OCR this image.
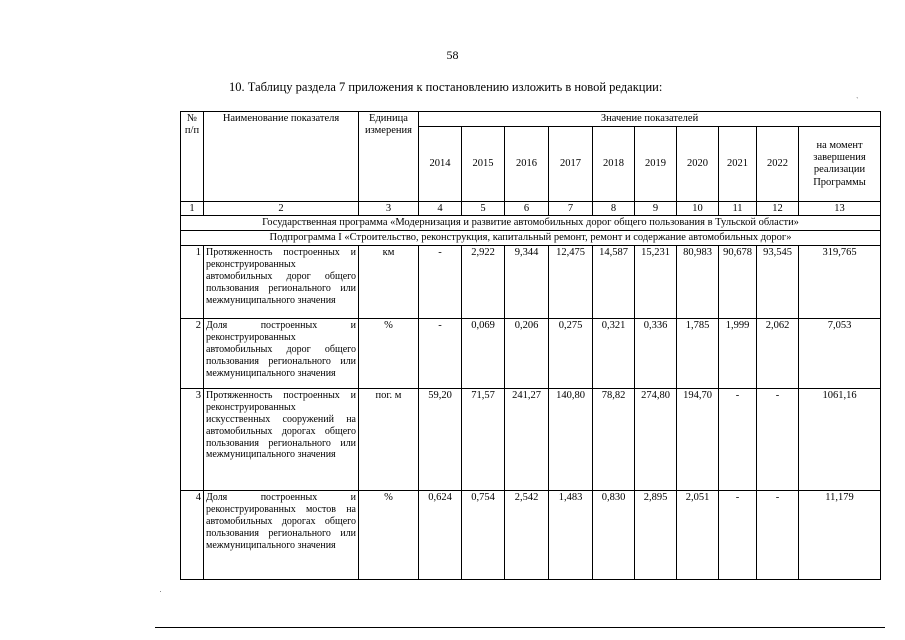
58
10. Таблицу раздела 7 приложения к постановлению изложить в новой редакции:
`
№ п/п	Наименование показателя	Единица измерения	Значение показателей									
			2014	2015	2016	2017	2018	2019	2020	2021	2022	на момент завершения реализации Программы
1	2	3	4	5	6	7	8	9	10	11	12	13
Государственная программа «Модернизация и развитие автомобильных дорог общего пользования в Тульской области»												
Подпрограмма I «Строительство, реконструкция, капитальный ремонт, ремонт и содержание автомобильных дорог»												
1	Протяженность построенных и реконструированных автомобильных дорог общего пользования регионального или межмуниципального значения	км	-	2,922	9,344	12,475	14,587	15,231	80,983	90,678	93,545	319,765
2	Доля построенных и реконструированных автомобильных дорог общего пользования регионального или межмуниципального значения	%	-	0,069	0,206	0,275	0,321	0,336	1,785	1,999	2,062	7,053
3	Протяженность построенных и реконструированных искусственных сооружений на автомобильных дорогах общего пользования регионального или межмуниципального значения	пог. м	59,20	71,57	241,27	140,80	78,82	274,80	194,70	-	-	1061,16
4	Доля построенных и реконструированных мостов на автомобильных дорогах общего пользования регионального или межмуниципального значения	%	0,624	0,754	2,542	1,483	0,830	2,895	2,051	-	-	11,179
